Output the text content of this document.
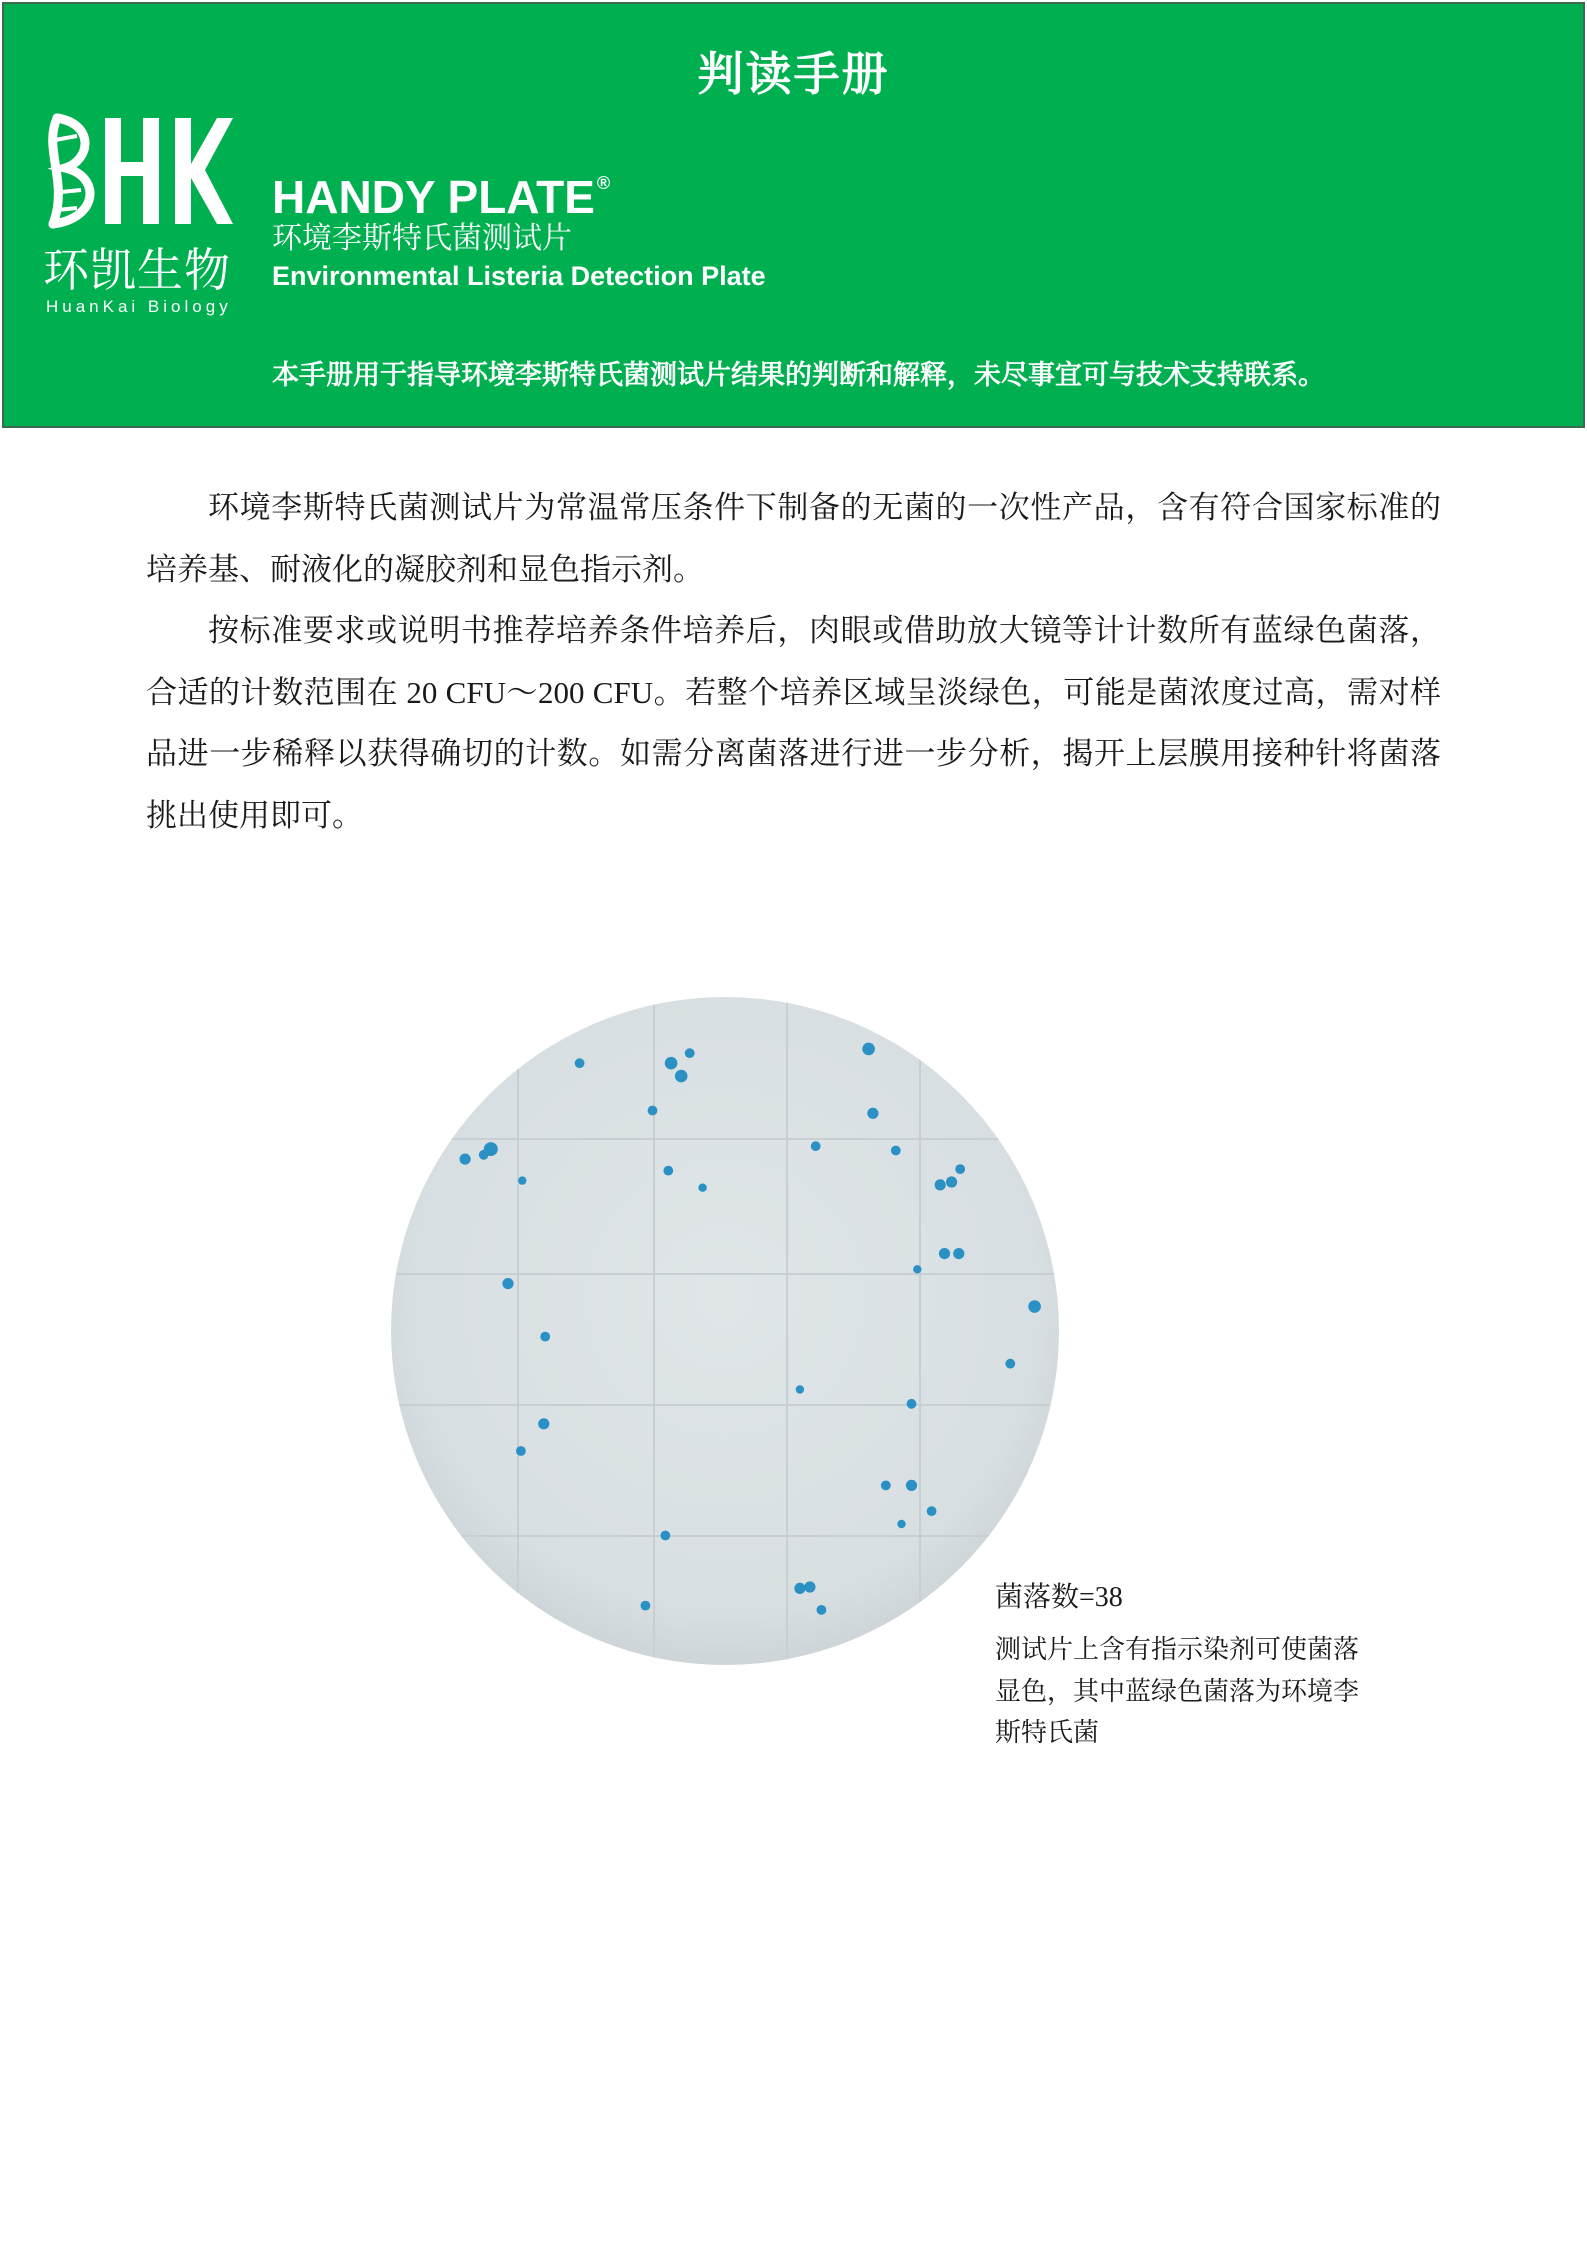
判读手册
环凯生物
HuanKai Biology
HANDY PLATE ®
环境李斯特氏菌测试片
Environmental Listeria Detection Plate
本手册用于指导环境李斯特氏菌测试片结果的判断和解释，未尽事宜可与技术支持联系。
环境李斯特氏菌测试片为常温常压条件下制备的无菌的一次性产品，含有符合国家标准的
培养基、耐液化的凝胶剂和显色指示剂。
按标准要求或说明书推荐培养条件培养后，肉眼或借助放大镜等计计数所有蓝绿色菌落，
合适的计数范围在 20 CFU～200 CFU。若整个培养区域呈淡绿色，可能是菌浓度过高，需对样
品进一步稀释以获得确切的计数。如需分离菌落进行进一步分析，揭开上层膜用接种针将菌落
挑出使用即可。
菌落数=38
测试片上含有指示染剂可使菌落
显色，其中蓝绿色菌落为环境李
斯特氏菌
